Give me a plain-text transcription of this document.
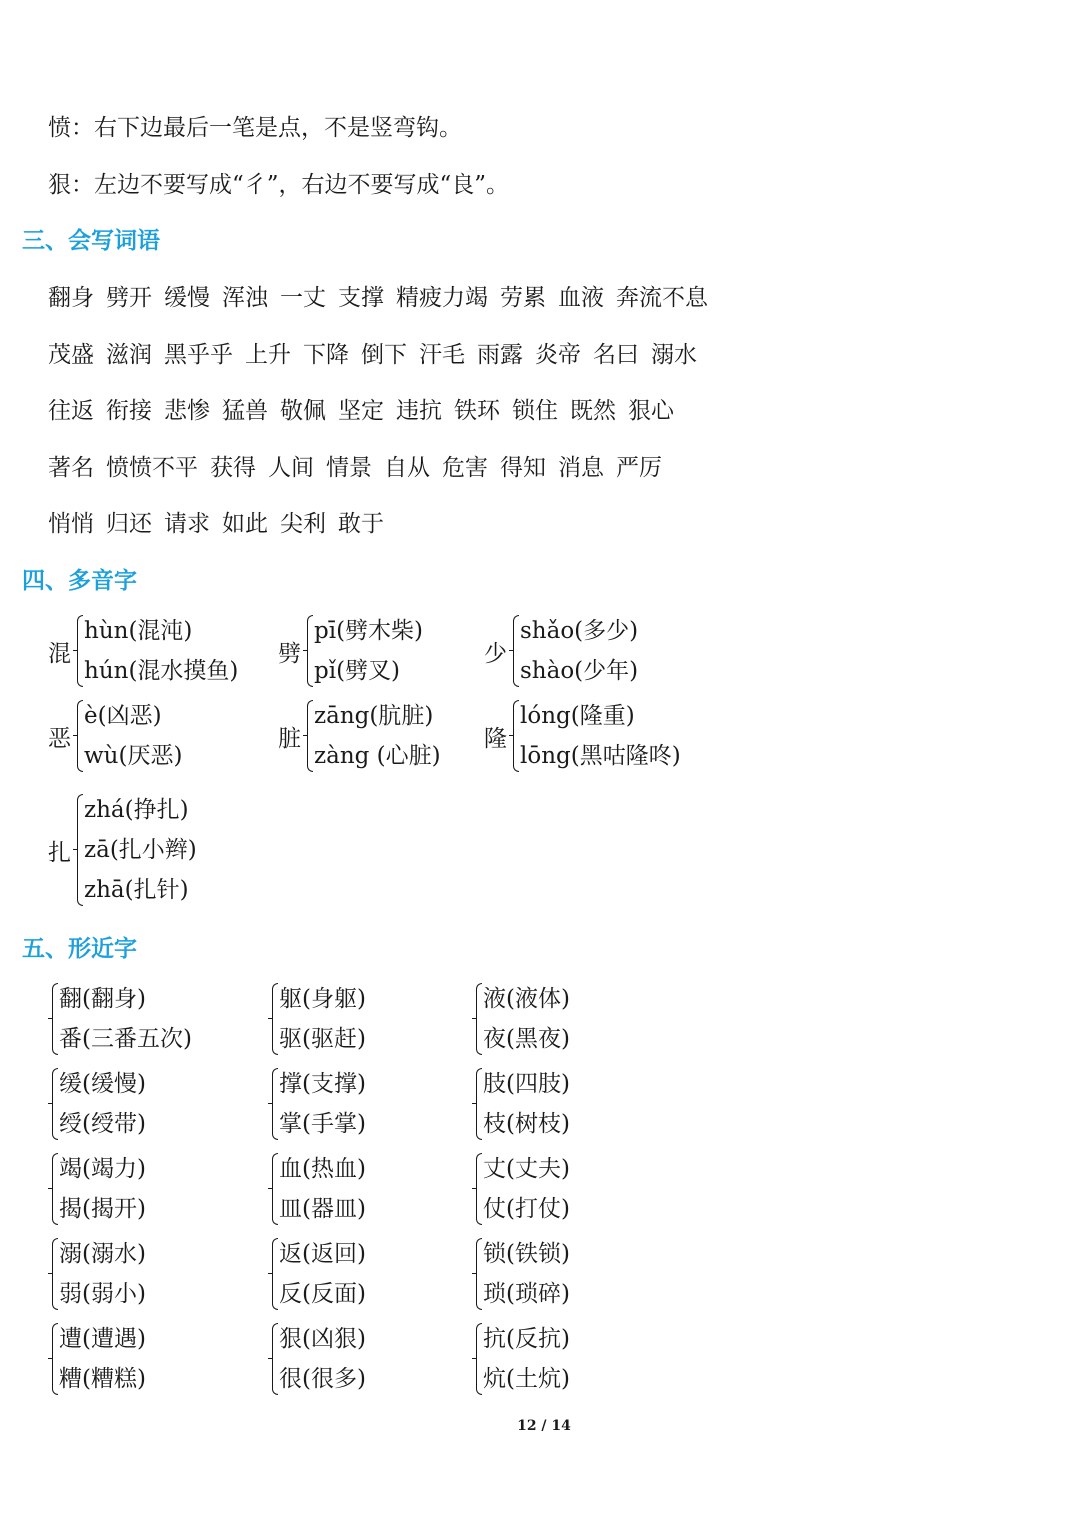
愤：右下边最后一笔是点，不是竖弯钩。
狠：左边不要写成“彳”，右边不要写成“良”。
三、会写词语
翻身 劈开 缓慢 浑浊 一丈 支撑 精疲力竭 劳累 血液 奔流不息
茂盛 滋润 黑乎乎 上升 下降 倒下 汗毛 雨露 炎帝 名曰 溺水
往返 衔接 悲惨 猛兽 敬佩 坚定 违抗 铁环 锁住 既然 狠心
著名 愤愤不平 获得 人间 情景 自从 危害 得知 消息 严厉
悄悄 归还 请求 如此 尖利 敢于
四、多音字
混
hùn(混沌)
hún(混水摸鱼)
劈
pī(劈木柴)
pǐ(劈叉)
少
shǎo(多少)
shào(少年)
恶
è(凶恶)
wù(厌恶)
脏
zāng(肮脏)
zàng (心脏)
隆
lóng(隆重)
lōng(黑咕隆咚)
扎
zhá(挣扎)
zā(扎小辫)
zhā(扎针)
五、形近字
翻(翻身)
番(三番五次)
躯(身躯)
驱(驱赶)
液(液体)
夜(黑夜)
缓(缓慢)
绶(绶带)
撑(支撑)
掌(手掌)
肢(四肢)
枝(树枝)
竭(竭力)
揭(揭开)
血(热血)
皿(器皿)
丈(丈夫)
仗(打仗)
溺(溺水)
弱(弱小)
返(返回)
反(反面)
锁(铁锁)
琐(琐碎)
遭(遭遇)
糟(糟糕)
狠(凶狠)
很(很多)
抗(反抗)
炕(土炕)
12 / 14
